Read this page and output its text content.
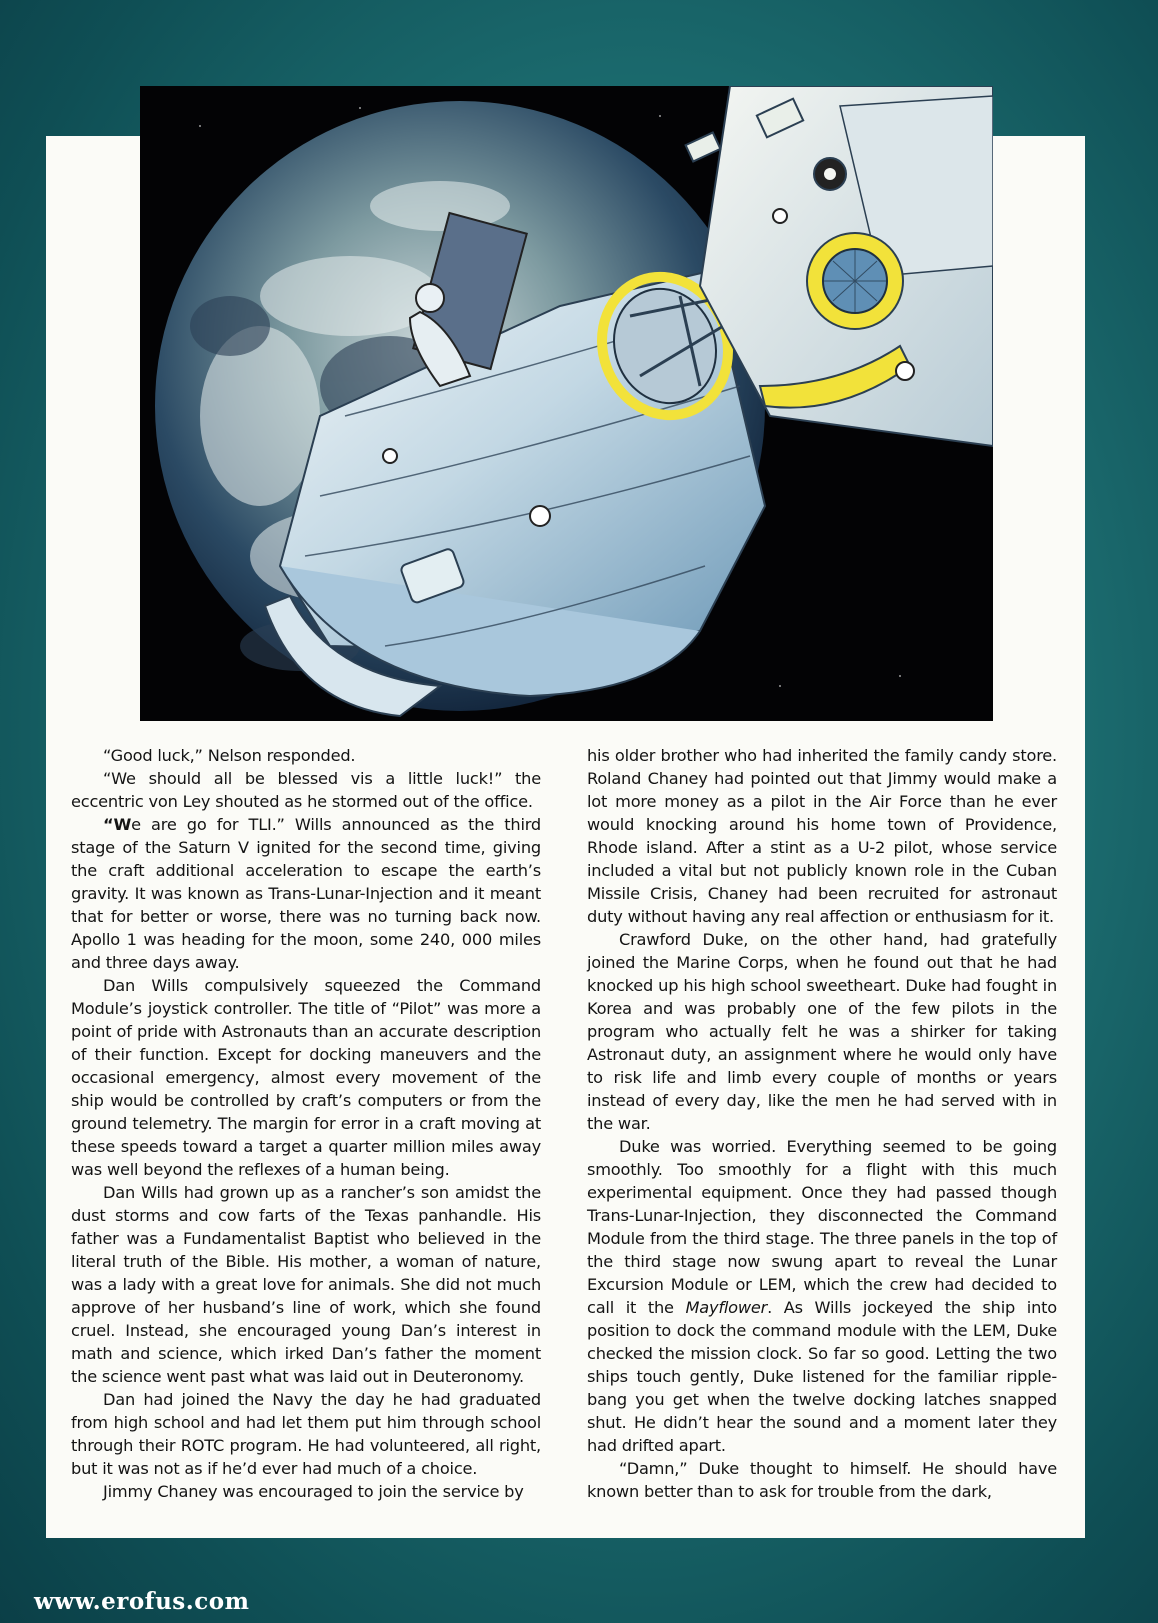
“Good luck,” Nelson responded.

“We should all be blessed vis a little luck!” the eccentric von Ley shouted as he stormed out of the office.

“We are go for TLI.” Wills announced as the third stage of the Saturn V ignited for the second time, giving the craft additional acceleration to escape the earth’s gravity. It was known as Trans-Lunar-Injection and it meant that for better or worse, there was no turning back now. Apollo 1 was heading for the moon, some 240, 000 miles and three days away.

Dan Wills compulsively squeezed the Command Module’s joystick controller. The title of “Pilot” was more a point of pride with Astronauts than an accurate description of their function. Except for docking maneuvers and the occasional emergency, almost every movement of the ship would be controlled by craft’s computers or from the ground telemetry. The margin for error in a craft moving at these speeds toward a target a quarter million miles away was well beyond the reflexes of a human being.

Dan Wills had grown up as a rancher’s son amidst the dust storms and cow farts of the Texas panhandle. His father was a Fundamentalist Baptist who believed in the literal truth of the Bible. His mother, a woman of nature, was a lady with a great love for animals. She did not much approve of her husband’s line of work, which she found cruel. Instead, she encouraged young Dan’s interest in math and science, which irked Dan’s father the moment the science went past what was laid out in Deuteronomy.

Dan had joined the Navy the day he had graduated from high school and had let them put him through school through their ROTC program. He had volunteered, all right, but it was not as if he’d ever had much of a choice.

Jimmy Chaney was encouraged to join the service by

his older brother who had inherited the family candy store. Roland Chaney had pointed out that Jimmy would make a lot more money as a pilot in the Air Force than he ever would knocking around his home town of Providence, Rhode island. After a stint as a U-2 pilot, whose service included a vital but not publicly known role in the Cuban Missile Crisis, Chaney had been recruited for astronaut duty without having any real affection or enthusiasm for it.

Crawford Duke, on the other hand, had gratefully joined the Marine Corps, when he found out that he had knocked up his high school sweetheart. Duke had fought in Korea and was probably one of the few pilots in the program who actually felt he was a shirker for taking Astronaut duty, an assignment where he would only have to risk life and limb every couple of months or years instead of every day, like the men he had served with in the war.

Duke was worried. Everything seemed to be going smoothly. Too smoothly for a flight with this much experimental equipment. Once they had passed though Trans-Lunar-Injection, they disconnected the Command Module from the third stage. The three panels in the top of the third stage now swung apart to reveal the Lunar Excursion Module or LEM, which the crew had decided to call it the Mayflower. As Wills jockeyed the ship into position to dock the command module with the LEM, Duke checked the mission clock. So far so good. Letting the two ships touch gently, Duke listened for the familiar ripple-bang you get when the twelve docking latches snapped shut. He didn’t hear the sound and a moment later they had drifted apart.

“Damn,” Duke thought to himself. He should have known better than to ask for trouble from the dark,

www.erofus.com
